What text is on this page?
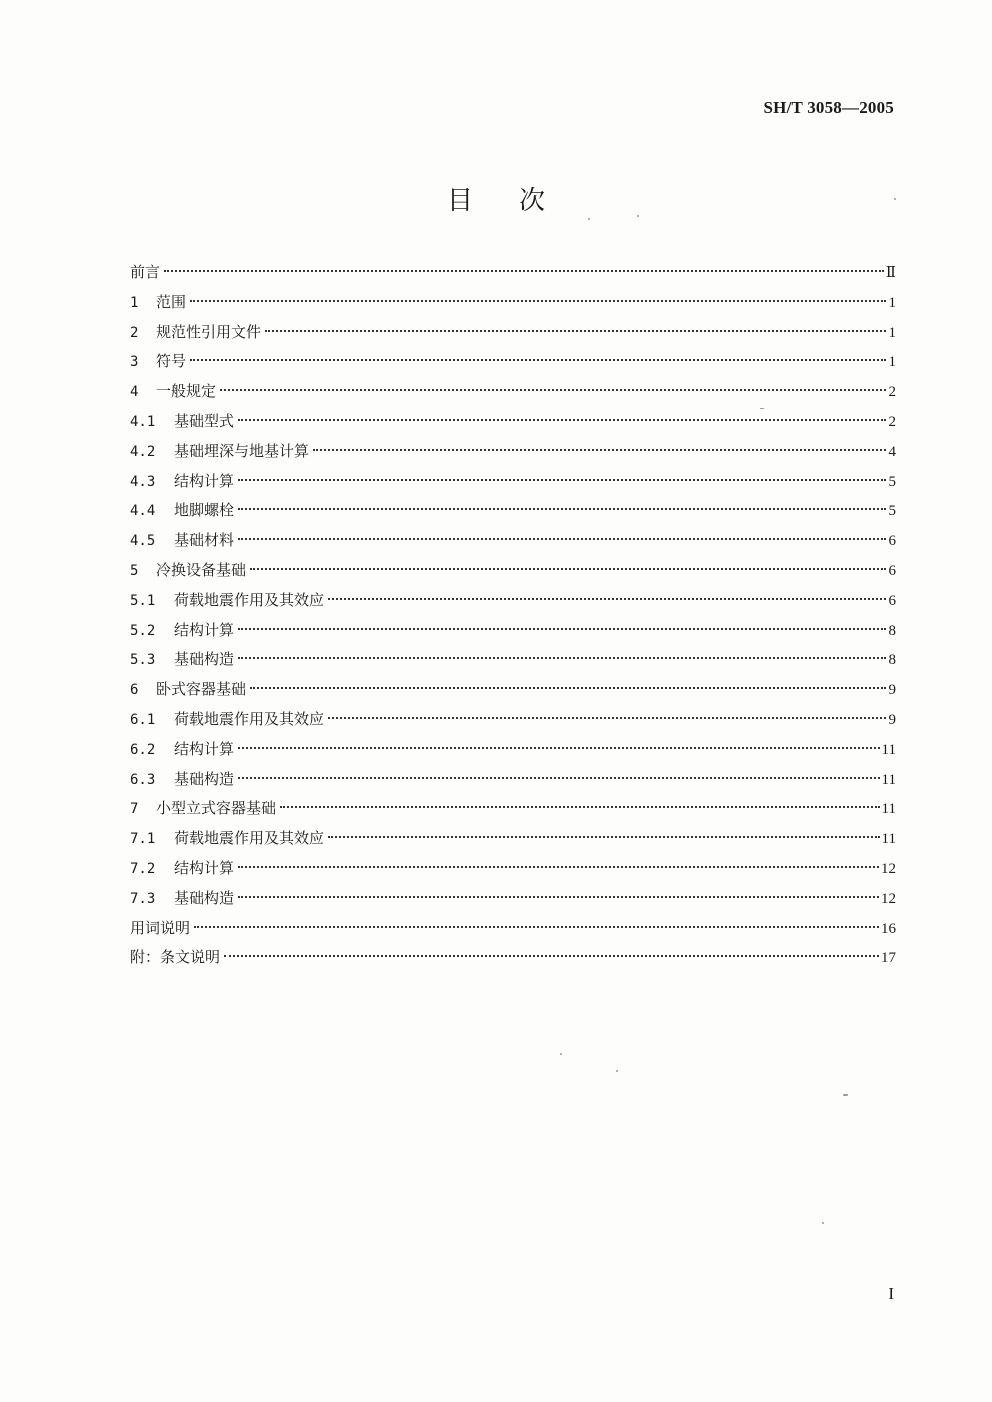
SH/T 3058—2005
目次
前言	Ⅱ
1 范围	1
2 规范性引用文件	1
3 符号	1
4 一般规定	2
4.1	基础型式	2
4.2	基础埋深与地基计算	4
4.3	结构计算	5
4.4	地脚螺栓	5
4.5	基础材料	6
5 冷换设备基础	6
5.1	荷载地震作用及其效应	6
5.2	结构计算	8
5.3	基础构造	8
6 卧式容器基础	9
6.1	荷载地震作用及其效应	9
6.2	结构计算	11
6.3	基础构造	11
7 小型立式容器基础	11
7.1	荷载地震作用及其效应	11
7.2	结构计算	12
7.3	基础构造	12
用词说明	16
附：条文说明	17
I
